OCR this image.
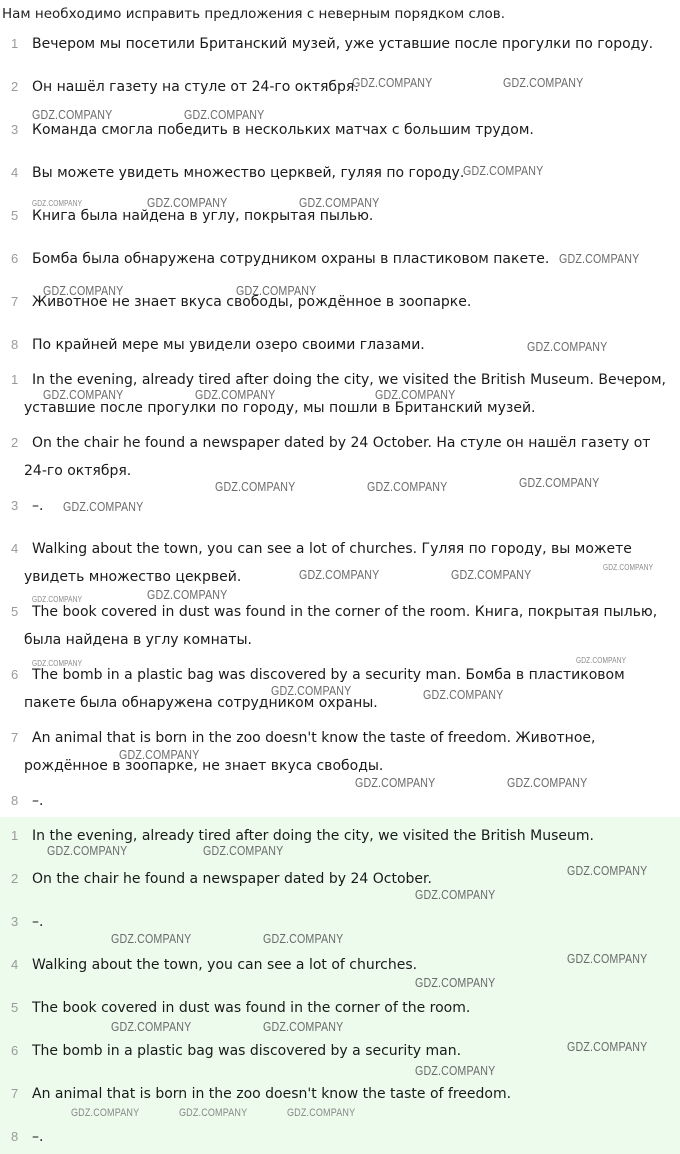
Нам необходимо исправить предложения с неверным порядком слов.
1 Вечером мы посетили Британский музей, уже уставшие после прогулки по городу.
2 Он нашёл газету на стуле от 24-го октября.
3 Команда смогла победить в нескольких матчах с большим трудом.
4 Вы можете увидеть множество церквей, гуляя по городу.
5 Книга была найдена в углу, покрытая пылью.
6 Бомба была обнаружена сотрудником охраны в пластиковом пакете.
7 Животное не знает вкуса свободы, рождённое в зоопарке.
8 По крайней мере мы увидели озеро своими глазами.
1 In the evening, already tired after doing the city, we visited the British Museum. Вечером, уставшие после прогулки по городу, мы пошли в Британский музей.
2 On the chair he found a newspaper dated by 24 October. На стуле он нашёл газету от 24-го октября.
3 –.
4 Walking about the town, you can see a lot of churches. Гуляя по городу, вы можете увидеть множество цекрвей.
5 The book covered in dust was found in the corner of the room. Книга, покрытая пылью, была найдена в углу комнаты.
6 The bomb in a plastic bag was discovered by a security man. Бомба в пластиковом пакете была обнаружена сотрудником охраны.
7 An animal that is born in the zoo doesn't know the taste of freedom. Животное, рождённое в зоопарке, не знает вкуса свободы.
8 –.
1 In the evening, already tired after doing the city, we visited the British Museum.
2 On the chair he found a newspaper dated by 24 October.
3 –.
4 Walking about the town, you can see a lot of churches.
5 The book covered in dust was found in the corner of the room.
6 The bomb in a plastic bag was discovered by a security man.
7 An animal that is born in the zoo doesn't know the taste of freedom.
8 –.
GDZ.COMPANY	GDZ.COMPANY
GDZ.COMPANY	GDZ.COMPANY
GDZ.COMPANY
GDZ.COMPANY	GDZ.COMPANY	GDZ.COMPANY
GDZ.COMPANY
GDZ.COMPANY	GDZ.COMPANY
GDZ.COMPANY
GDZ.COMPANY	GDZ.COMPANY	GDZ.COMPANY
GDZ.COMPANY	GDZ.COMPANY	GDZ.COMPANY
GDZ.COMPANY
GDZ.COMPANY	GDZ.COMPANY	GDZ.COMPANY
GDZ.COMPANY	GDZ.COMPANY
GDZ.COMPANY	GDZ.COMPANY
GDZ.COMPANY	GDZ.COMPANY
GDZ.COMPANY
GDZ.COMPANY	GDZ.COMPANY
GDZ.COMPANY	GDZ.COMPANY
GDZ.COMPANY
GDZ.COMPANY
GDZ.COMPANY	GDZ.COMPANY
GDZ.COMPANY
GDZ.COMPANY
GDZ.COMPANY	GDZ.COMPANY
GDZ.COMPANY
GDZ.COMPANY
GDZ.COMPANY	GDZ.COMPANY	GDZ.COMPANY
